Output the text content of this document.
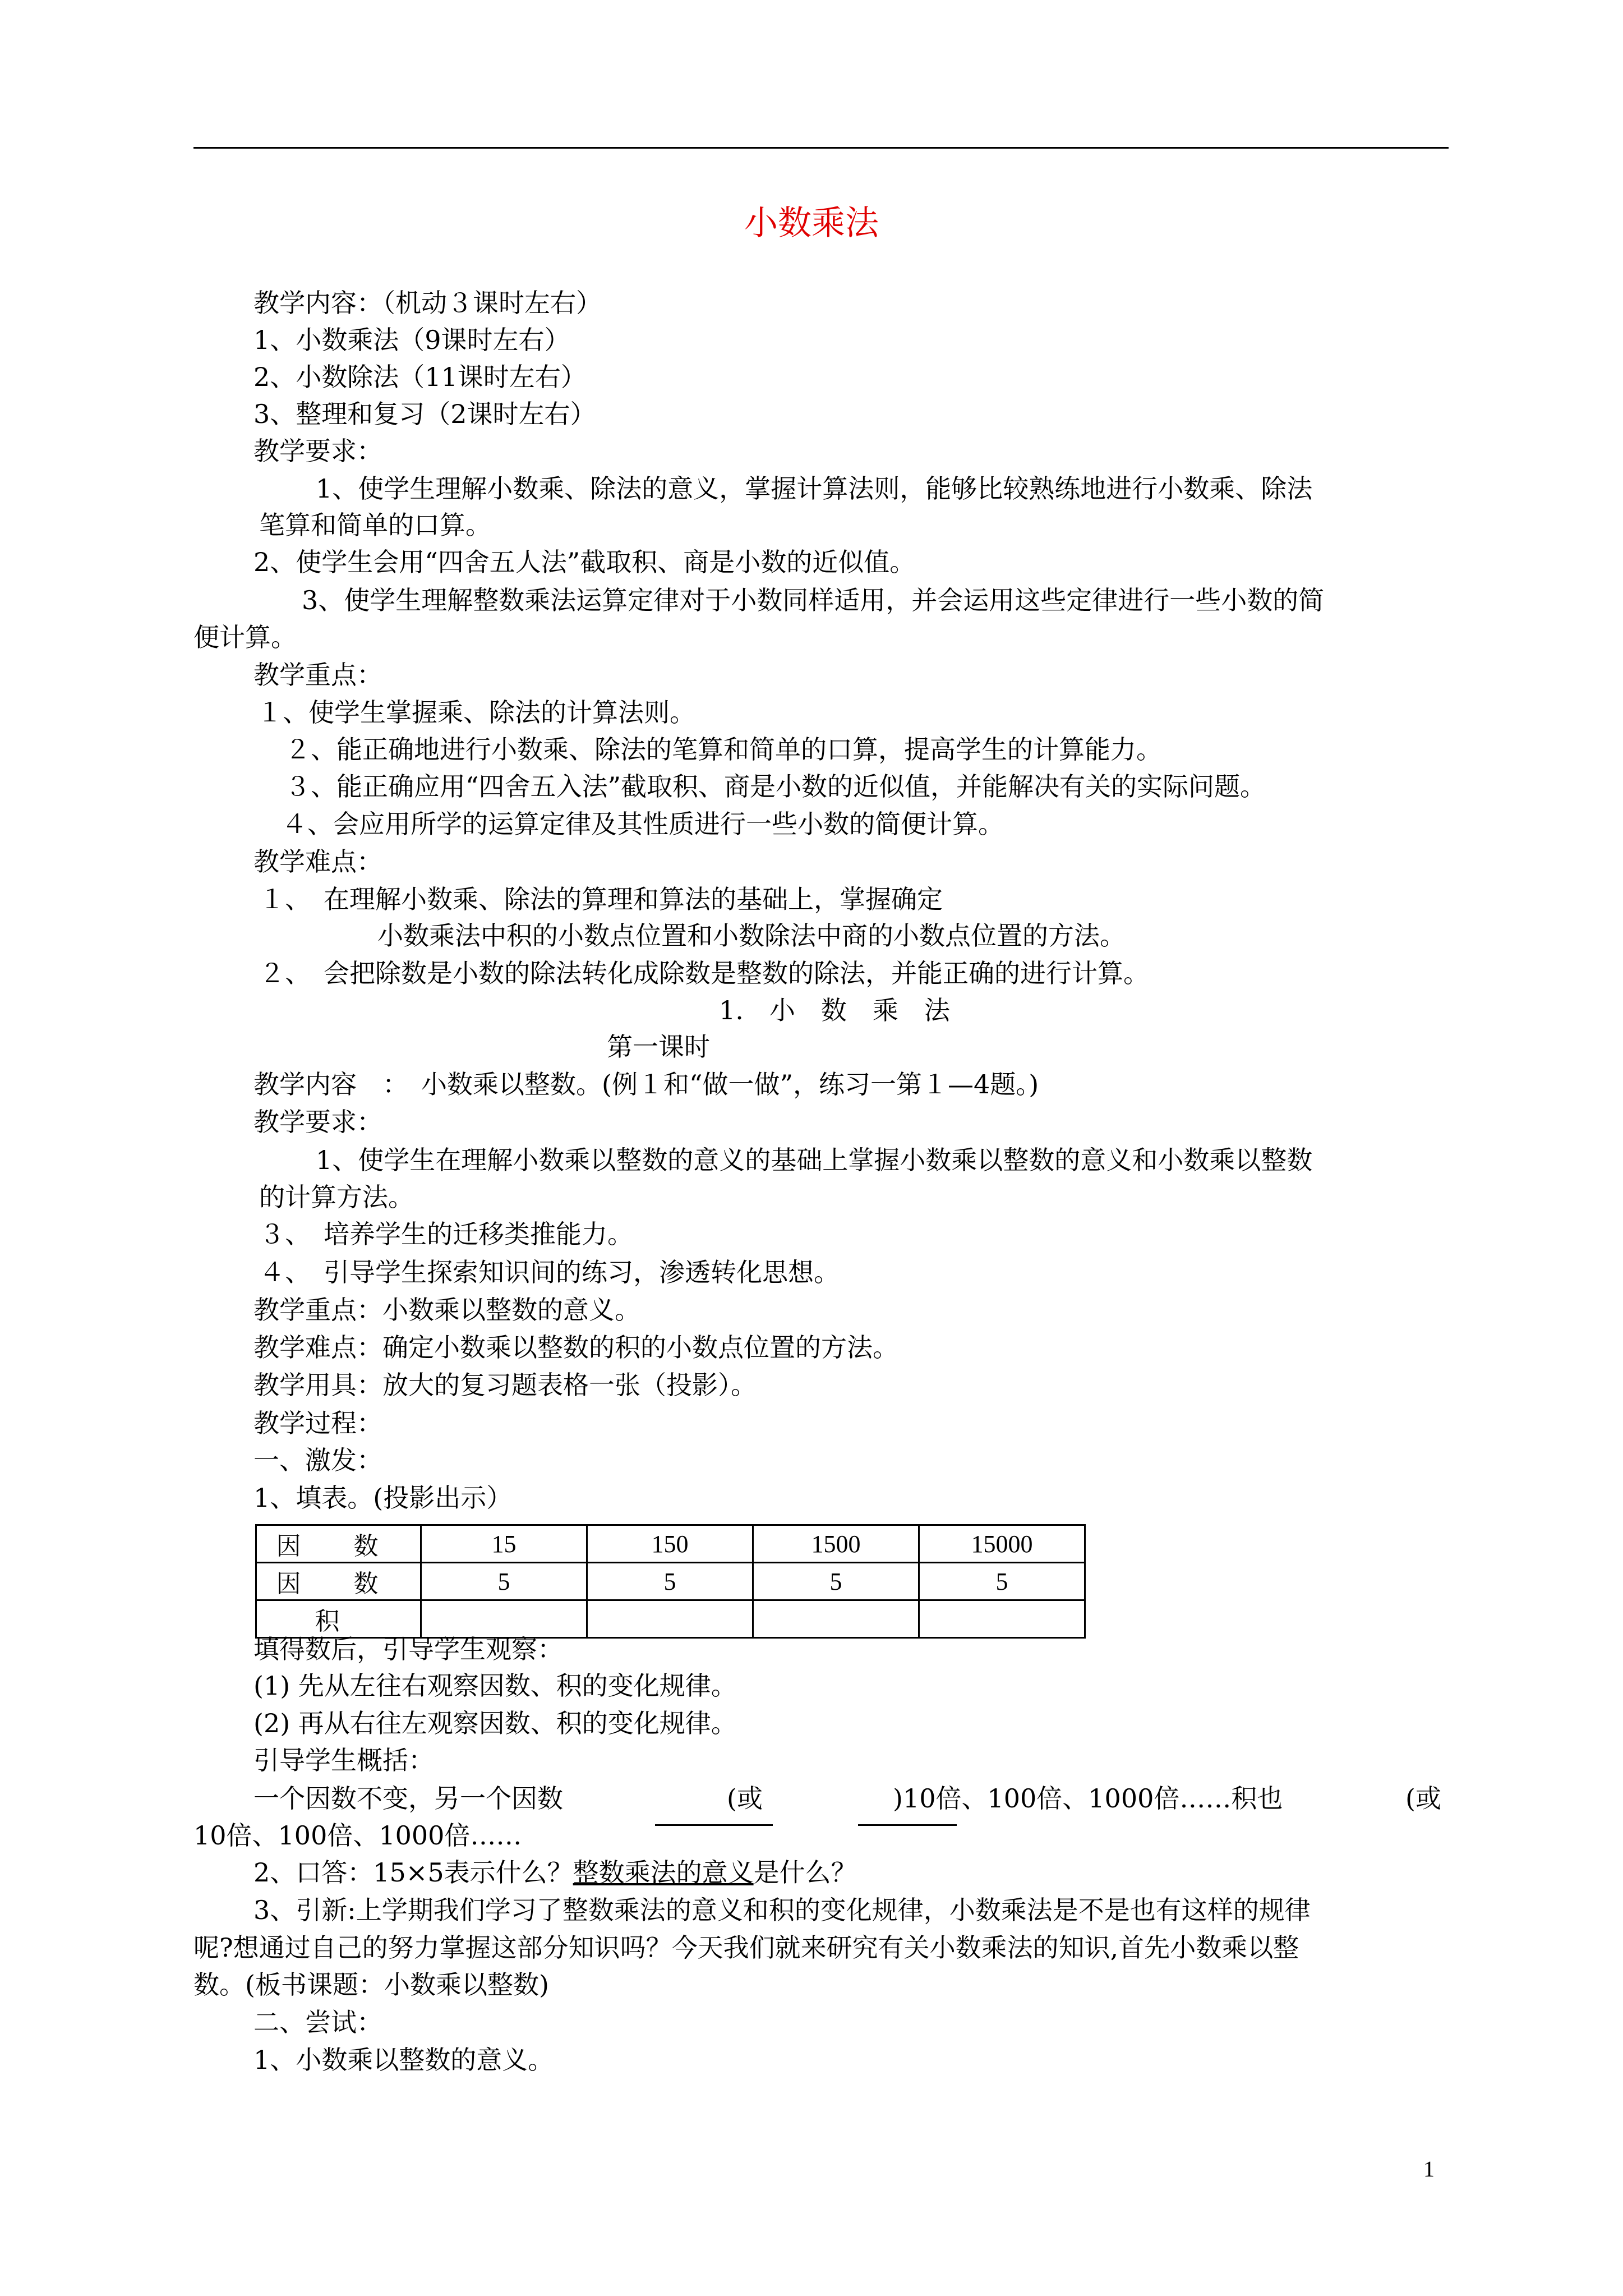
小数乘法
教学内容：（机动３课时左右）
1、小数乘法（9课时左右）
2、小数除法（11课时左右）
3、整理和复习（2课时左右）
教学要求：
1、使学生理解小数乘、除法的意义，掌握计算法则，能够比较熟练地进行小数乘、除法
笔算和简单的口算。
2、使学生会用“四舍五人法”截取积、商是小数的近似值。
3、使学生理解整数乘法运算定律对于小数同样适用，并会运用这些定律进行一些小数的简
便计算。
教学重点：
１、使学生掌握乘、除法的计算法则。
２、能正确地进行小数乘、除法的笔算和简单的口算，提高学生的计算能力。
３、能正确应用“四舍五入法”截取积、商是小数的近似值，并能解决有关的实际问题。
４、会应用所学的运算定律及其性质进行一些小数的简便计算。
教学难点：
１、　在理解小数乘、除法的算理和算法的基础上，掌握确定
小数乘法中积的小数点位置和小数除法中商的小数点位置的方法。
２、　会把除数是小数的除法转化成除数是整数的除法，并能正确的进行计算。
1.　小　数　乘　法
第一课时
教学内容　：　小数乘以整数。(例１和“做一做”，练习一第１—4题。)
教学要求：
1、使学生在理解小数乘以整数的意义的基础上掌握小数乘以整数的意义和小数乘以整数
的计算方法。
３、　培养学生的迁移类推能力。
４、　引导学生探索知识间的练习，渗透转化思想。
教学重点：小数乘以整数的意义。
教学难点：确定小数乘以整数的积的小数点位置的方法。
教学用具：放大的复习题表格一张（投影）。
教学过程：
一、激发：
1、填表。(投影出示）
因 数	15	150	1500	15000
因 数	5	5	5	5
积				
填得数后，引导学生观察：
(1) 先从左往右观察因数、积的变化规律。
(2) 再从右往左观察因数、积的变化规律。
引导学生概括：
一个因数不变，另一个因数	(或	)10倍、100倍、1000倍……积也	(或
10倍、100倍、1000倍……
2、口答：15×5表示什么？整数乘法的意义是什么？
3、引新:上学期我们学习了整数乘法的意义和积的变化规律，小数乘法是不是也有这样的规律
呢?想通过自己的努力掌握这部分知识吗？今天我们就来研究有关小数乘法的知识,首先小数乘以整
数。(板书课题：小数乘以整数)
二、尝试：
1、小数乘以整数的意义。
1
